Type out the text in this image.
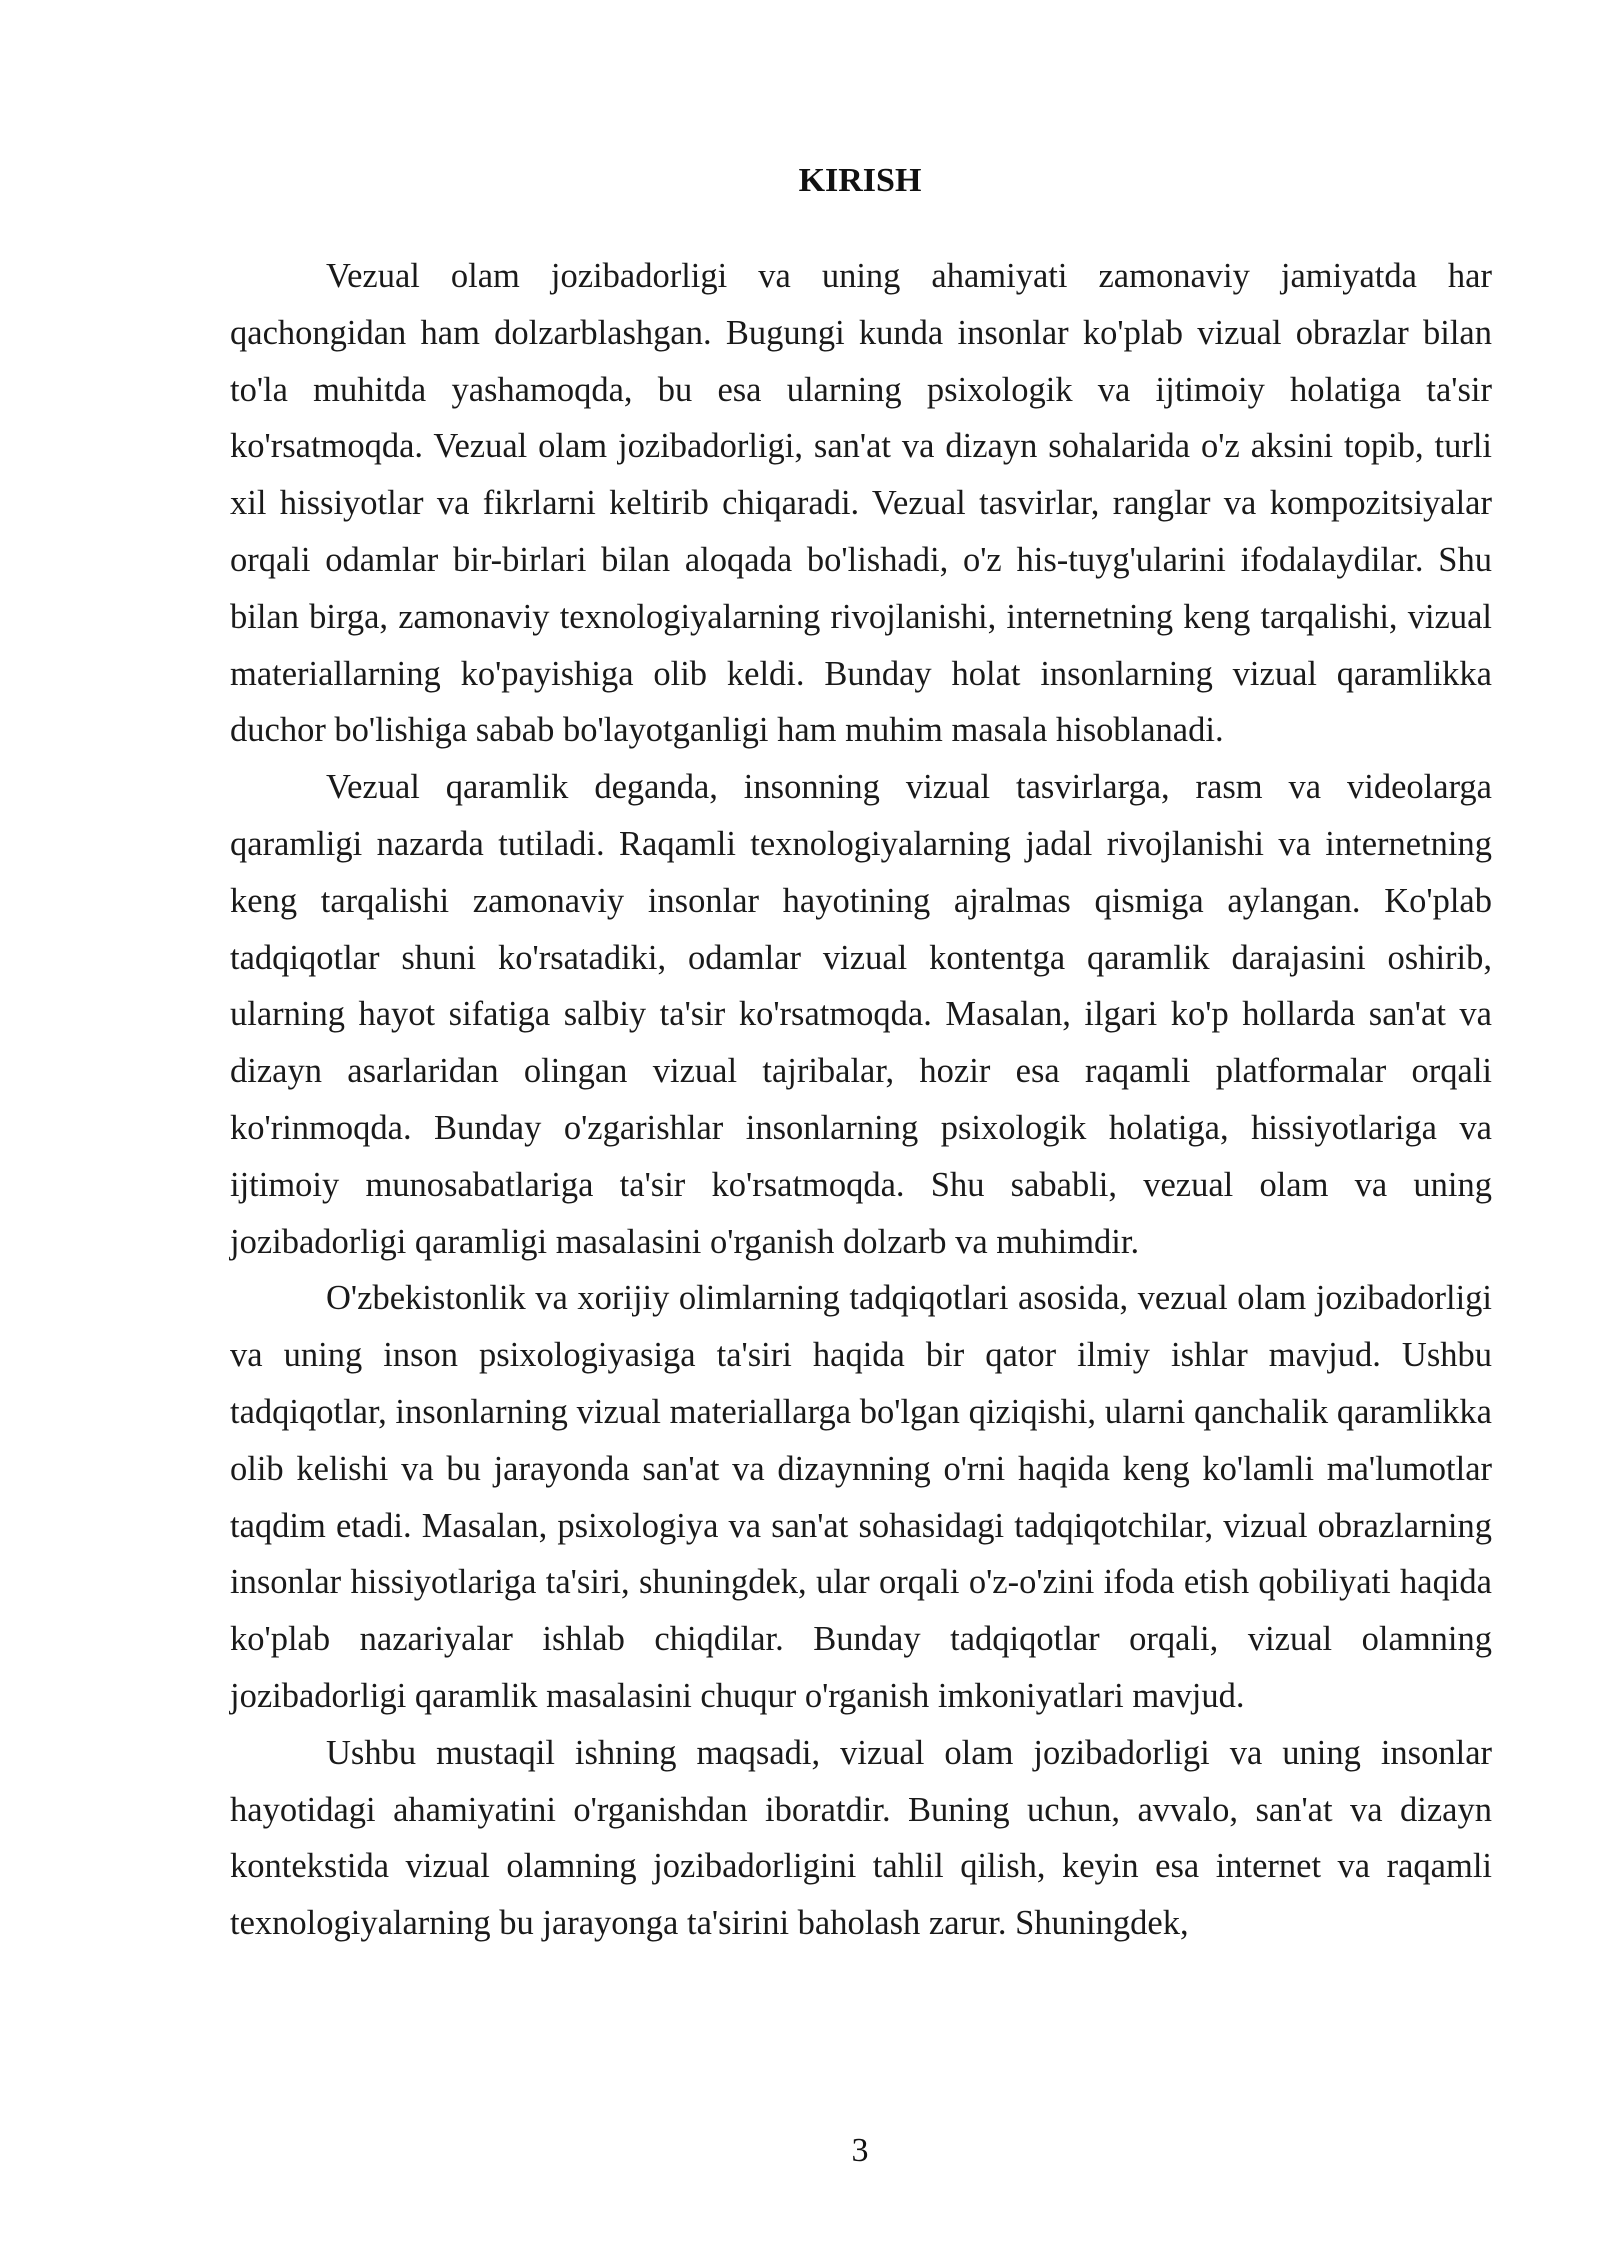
KIRISH

Vezual olam jozibadorligi va uning ahamiyati zamonaviy jamiyatda har qachongidan ham dolzarblashgan. Bugungi kunda insonlar ko'plab vizual obrazlar bilan to'la muhitda yashamoqda, bu esa ularning psixologik va ijtimoiy holatiga ta'sir ko'rsatmoqda. Vezual olam jozibadorligi, san'at va dizayn sohalarida o'z aksini topib, turli xil hissiyotlar va fikrlarni keltirib chiqaradi. Vezual tasvirlar, ranglar va kompozitsiyalar orqali odamlar bir-birlari bilan aloqada bo'lishadi, o'z his-tuyg'ularini ifodalaydilar. Shu bilan birga, zamonaviy texnologiyalarning rivojlanishi, internetning keng tarqalishi, vizual materiallarning ko'payishiga olib keldi. Bunday holat insonlarning vizual qaramlikka duchor bo'lishiga sabab bo'layotganligi ham muhim masala hisoblanadi.

Vezual qaramlik deganda, insonning vizual tasvirlarga, rasm va videolarga qaramligi nazarda tutiladi. Raqamli texnologiyalarning jadal rivojlanishi va internetning keng tarqalishi zamonaviy insonlar hayotining ajralmas qismiga aylangan. Ko'plab tadqiqotlar shuni ko'rsatadiki, odamlar vizual kontentga qaramlik darajasini oshirib, ularning hayot sifatiga salbiy ta'sir ko'rsatmoqda. Masalan, ilgari ko'p hollarda san'at va dizayn asarlaridan olingan vizual tajribalar, hozir esa raqamli platformalar orqali ko'rinmoqda. Bunday o'zgarishlar insonlarning psixologik holatiga, hissiyotlariga va ijtimoiy munosabatlariga ta'sir ko'rsatmoqda. Shu sababli, vezual olam va uning jozibadorligi qaramligi masalasini o'rganish dolzarb va muhimdir.

O'zbekistonlik va xorijiy olimlarning tadqiqotlari asosida, vezual olam jozibadorligi va uning inson psixologiyasiga ta'siri haqida bir qator ilmiy ishlar mavjud. Ushbu tadqiqotlar, insonlarning vizual materiallarga bo'lgan qiziqishi, ularni qanchalik qaramlikka olib kelishi va bu jarayonda san'at va dizaynning o'rni haqida keng ko'lamli ma'lumotlar taqdim etadi. Masalan, psixologiya va san'at sohasidagi tadqiqotchilar, vizual obrazlarning insonlar hissiyotlariga ta'siri, shuningdek, ular orqali o'z-o'zini ifoda etish qobiliyati haqida ko'plab nazariyalar ishlab chiqdilar. Bunday tadqiqotlar orqali, vizual olamning jozibadorligi qaramlik masalasini chuqur o'rganish imkoniyatlari mavjud.

Ushbu mustaqil ishning maqsadi, vizual olam jozibadorligi va uning insonlar hayotidagi ahamiyatini o'rganishdan iboratdir. Buning uchun, avvalo, san'at va dizayn kontekstida vizual olamning jozibadorligini tahlil qilish, keyin esa internet va raqamli texnologiyalarning bu jarayonga ta'sirini baholash zarur. Shuningdek,

3
